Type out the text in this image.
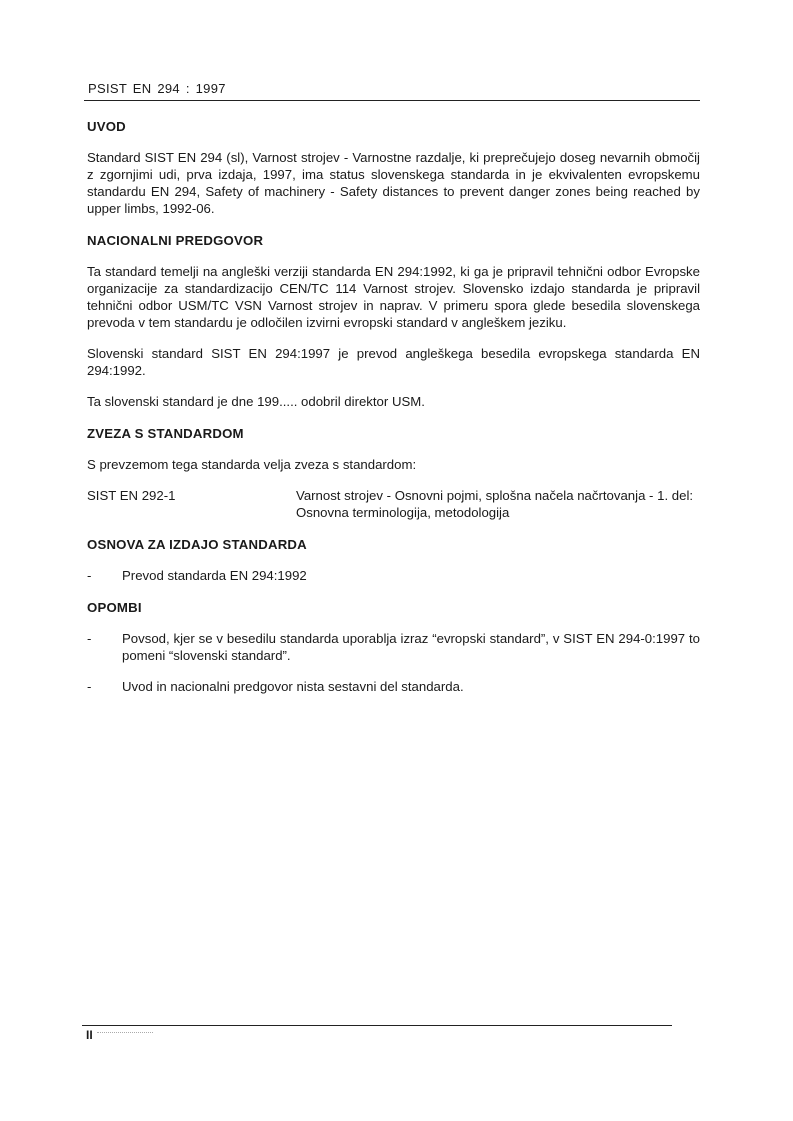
PSIST EN 294 : 1997
UVOD

Standard SIST EN 294 (sl), Varnost strojev - Varnostne razdalje, ki preprečujejo doseg nevarnih območij z zgornjimi udi, prva izdaja, 1997, ima status slovenskega standarda in je ekvivalenten evropskemu standardu EN 294, Safety of machinery - Safety distances to prevent danger zones being reached by upper limbs, 1992-06.

NACIONALNI PREDGOVOR

Ta standard temelji na angleški verziji standarda EN 294:1992, ki ga je pripravil tehnični odbor Evropske organizacije za standardizacijo CEN/TC 114 Varnost strojev. Slovensko izdajo standarda je pripravil tehnični odbor USM/TC VSN Varnost strojev in naprav. V primeru spora glede besedila slovenskega prevoda v tem standardu je odločilen izvirni evropski standard v angleškem jeziku.

Slovenski standard SIST EN 294:1997 je prevod angleškega besedila evropskega standarda EN 294:1992.

Ta slovenski standard je dne 199..... odobril direktor USM.

ZVEZA S STANDARDOM

S prevzemom tega standarda velja zveza s standardom:

SIST EN 292-1	Varnost strojev - Osnovni pojmi, splošna načela načrtovanja - 1. del: Osnovna terminologija, metodologija
OSNOVA ZA IZDAJO STANDARDA
-	Prevod standarda EN 294:1992
OPOMBI
-	Povsod, kjer se v besedilu standarda uporablja izraz “evropski standard”, v SIST EN 294-0:1997 to pomeni “slovenski standard”.
-	Uvod in nacionalni predgovor nista sestavni del standarda.
II
